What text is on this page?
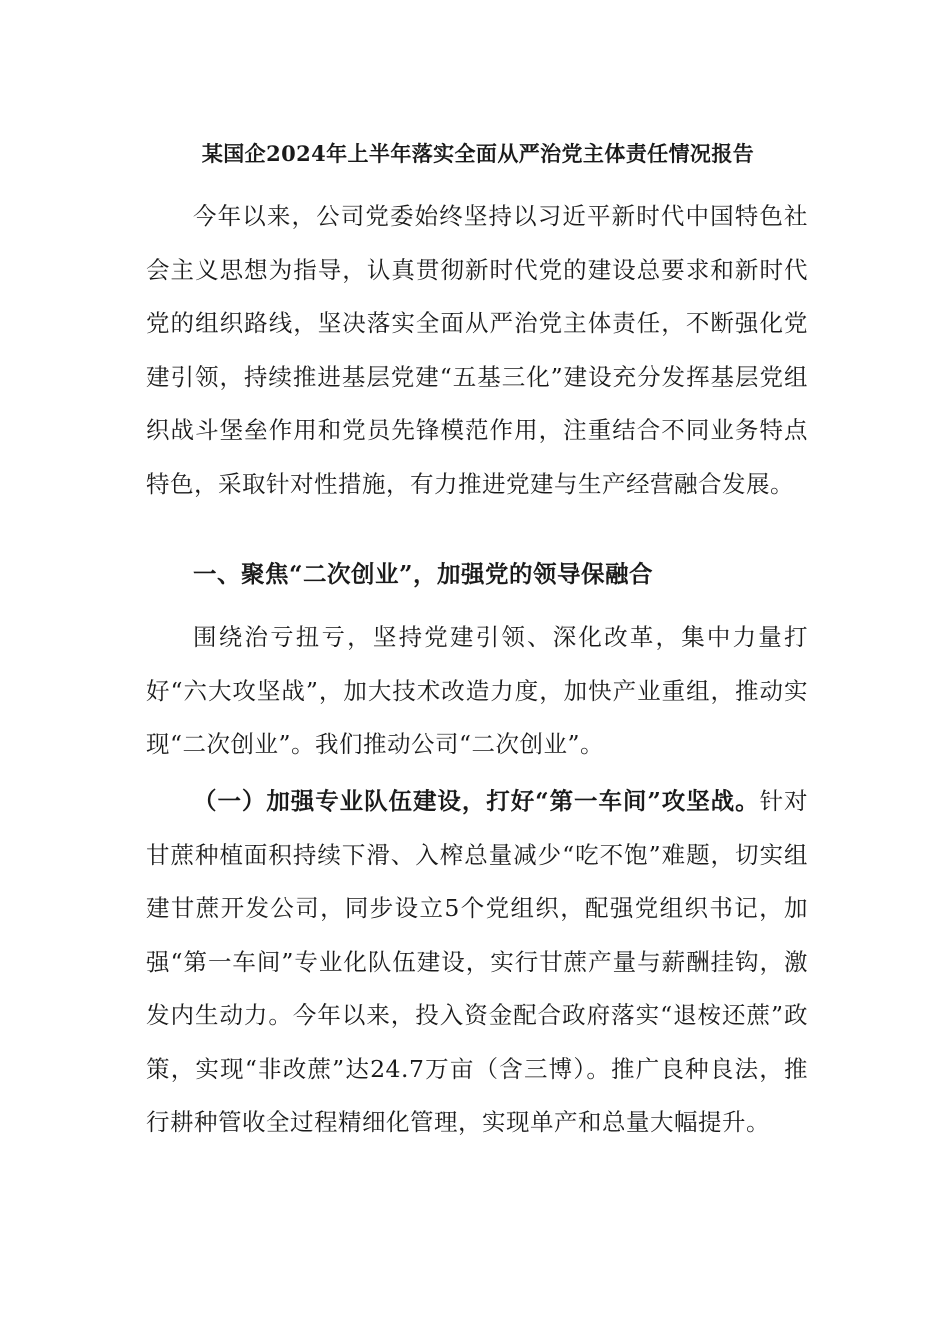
某国企2024年上半年落实全面从严治党主体责任情况报告

今年以来，公司党委始终坚持以习近平新时代中国特色社会主义思想为指导，认真贯彻新时代党的建设总要求和新时代党的组织路线，坚决落实全面从严治党主体责任，不断强化党建引领，持续推进基层党建“五基三化”建设充分发挥基层党组织战斗堡垒作用和党员先锋模范作用，注重结合不同业务特点特色，采取针对性措施，有力推进党建与生产经营融合发展。

一、聚焦“二次创业”，加强党的领导保融合

围绕治亏扭亏，坚持党建引领、深化改革，集中力量打好“六大攻坚战”，加大技术改造力度，加快产业重组，推动实现“二次创业”。我们推动公司“二次创业”。

（一）加强专业队伍建设，打好“第一车间”攻坚战。针对甘蔗种植面积持续下滑、入榨总量减少“吃不饱”难题，切实组建甘蔗开发公司，同步设立5个党组织，配强党组织书记，加强“第一车间”专业化队伍建设，实行甘蔗产量与薪酬挂钩，激发内生动力。今年以来，投入资金配合政府落实“退桉还蔗”政策，实现“非改蔗”达24.7万亩（含三博）。推广良种良法，推行耕种管收全过程精细化管理，实现单产和总量大幅提升。
